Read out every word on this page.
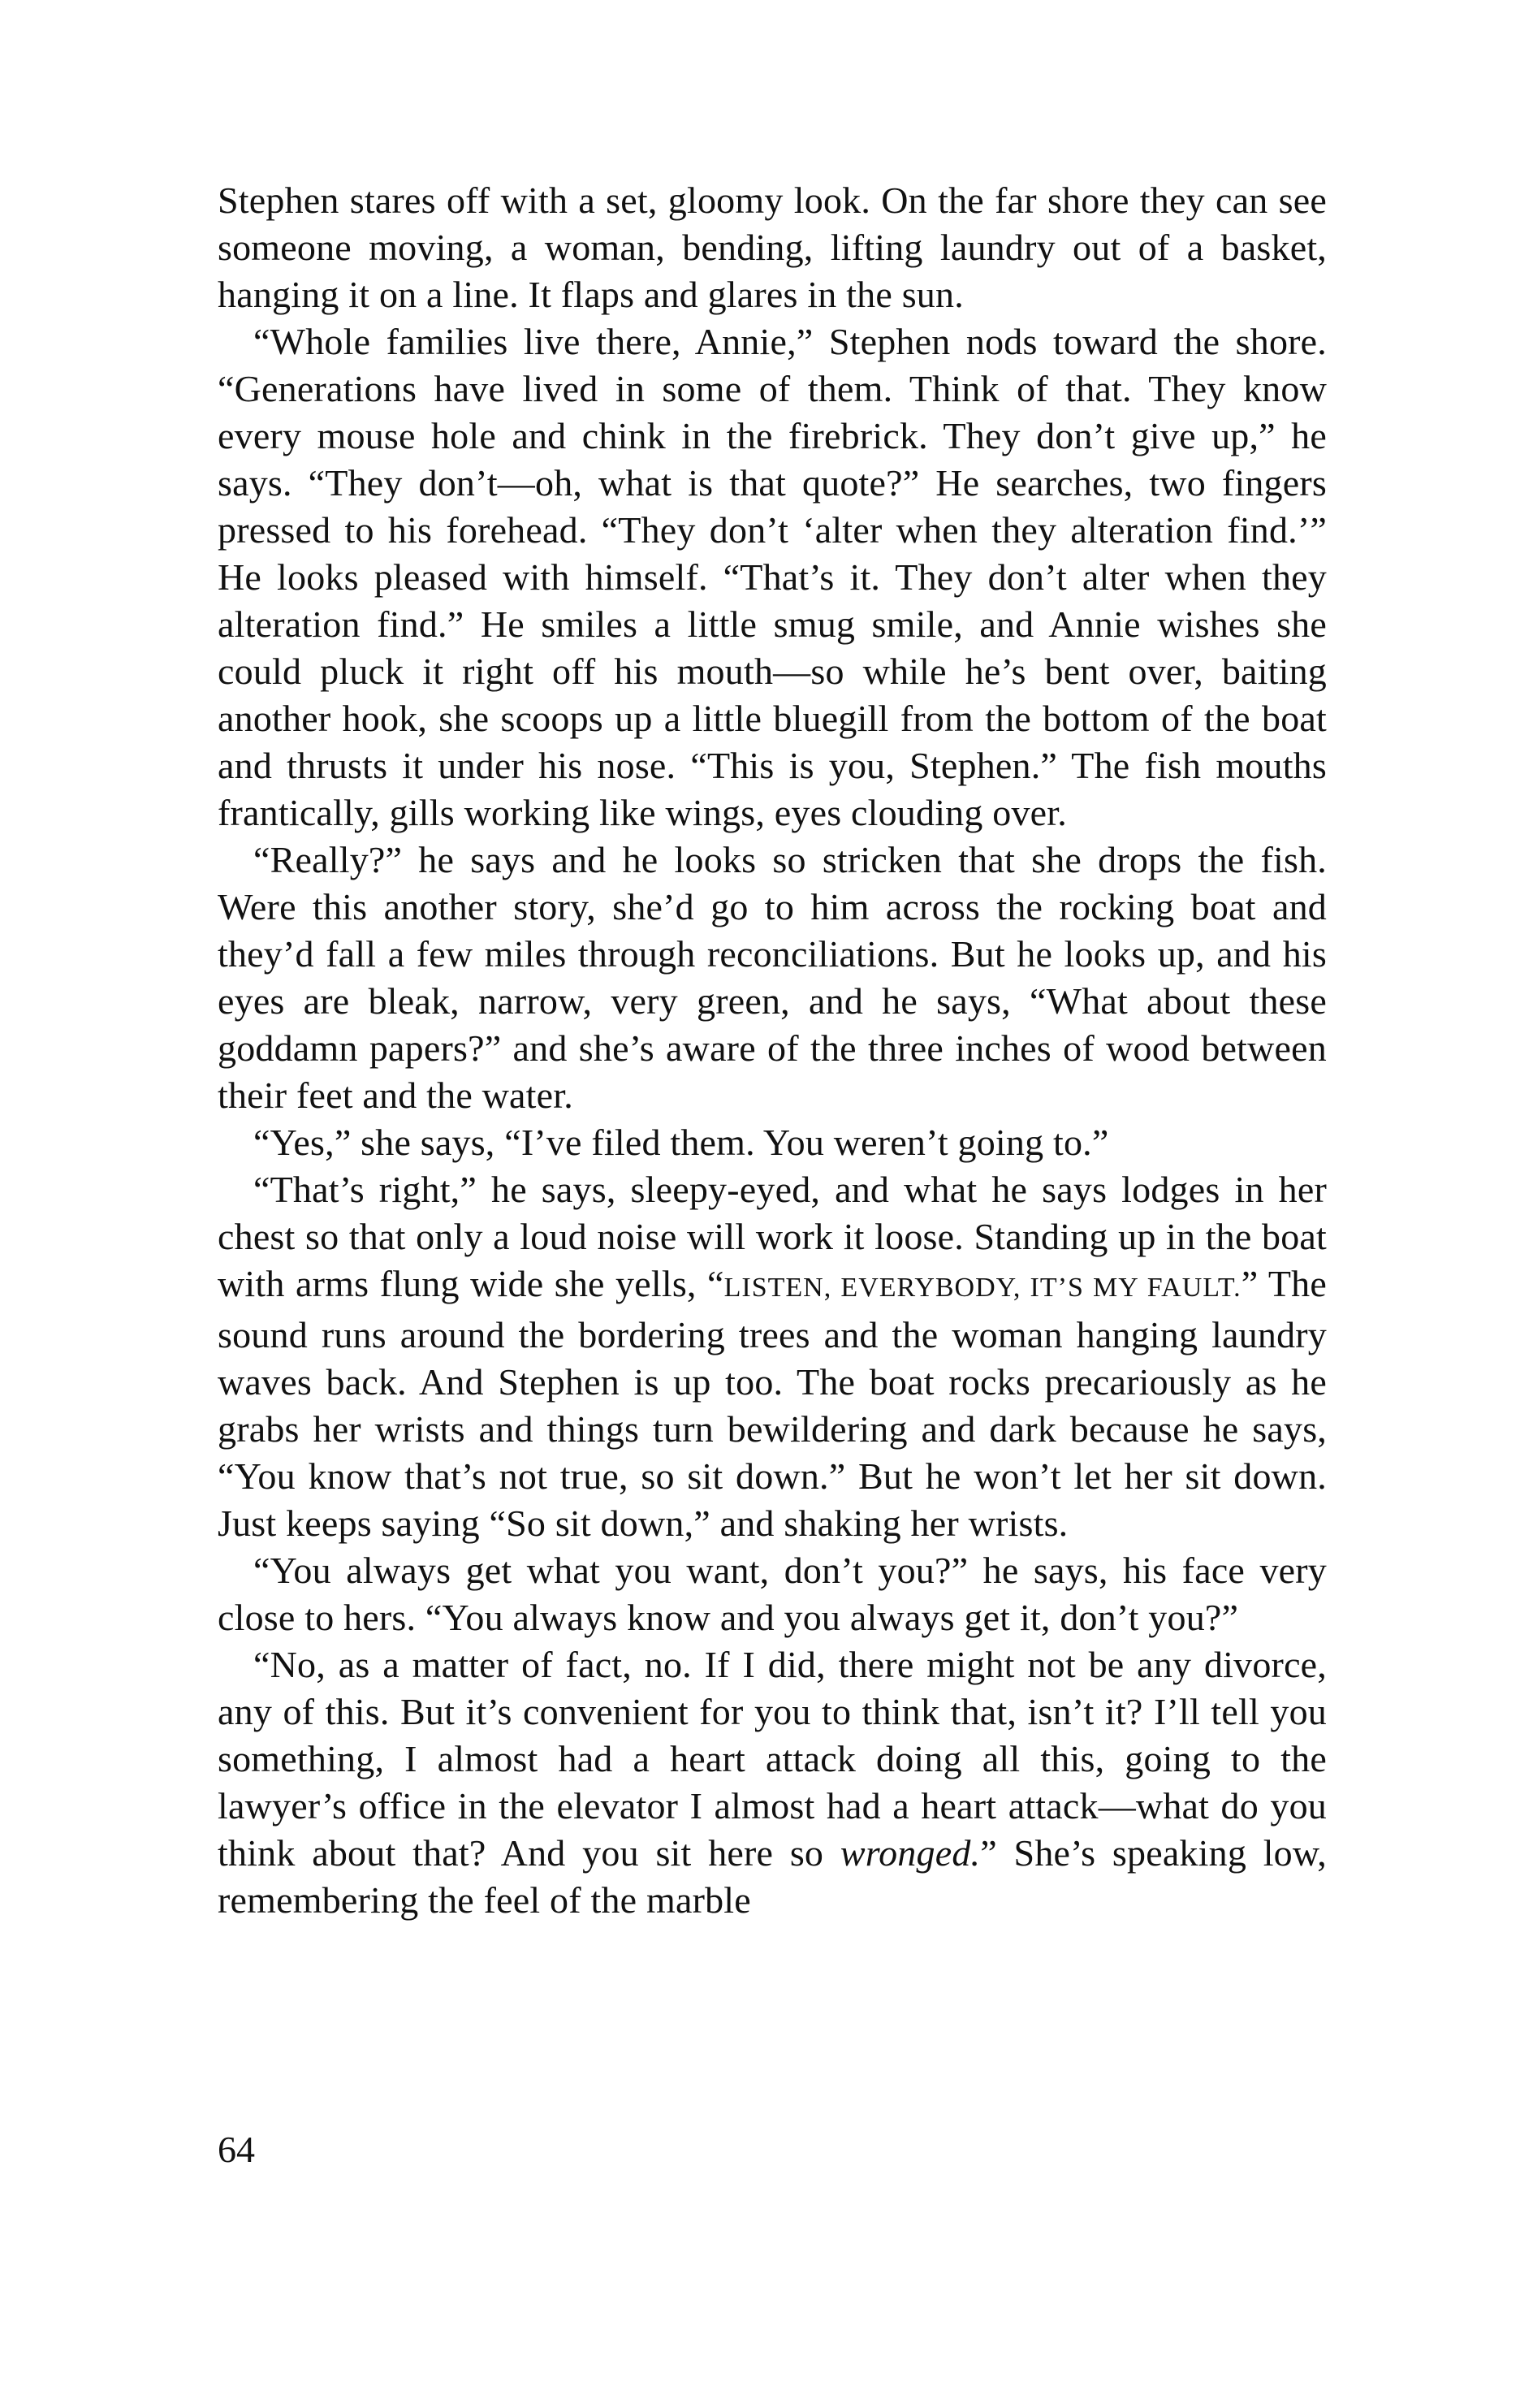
Stephen stares off with a set, gloomy look. On the far shore they can see someone moving, a woman, bending, lifting laundry out of a basket, hanging it on a line. It flaps and glares in the sun.

“Whole families live there, Annie,” Stephen nods toward the shore. “Generations have lived in some of them. Think of that. They know every mouse hole and chink in the firebrick. They don’t give up,” he says. “They don’t—oh, what is that quote?” He searches, two fingers pressed to his forehead. “They don’t ‘alter when they alteration find.’” He looks pleased with himself. “That’s it. They don’t alter when they alteration find.” He smiles a little smug smile, and Annie wishes she could pluck it right off his mouth—so while he’s bent over, baiting another hook, she scoops up a little bluegill from the bottom of the boat and thrusts it under his nose. “This is you, Stephen.” The fish mouths frantically, gills working like wings, eyes clouding over.

“Really?” he says and he looks so stricken that she drops the fish. Were this another story, she’d go to him across the rocking boat and they’d fall a few miles through reconciliations. But he looks up, and his eyes are bleak, narrow, very green, and he says, “What about these goddamn papers?” and she’s aware of the three inches of wood between their feet and the water.

“Yes,” she says, “I’ve filed them. You weren’t going to.”

“That’s right,” he says, sleepy-eyed, and what he says lodges in her chest so that only a loud noise will work it loose. Standing up in the boat with arms flung wide she yells, “LISTEN, EVERYBODY, IT’S MY FAULT.” The sound runs around the bordering trees and the woman hanging laundry waves back. And Stephen is up too. The boat rocks precariously as he grabs her wrists and things turn bewildering and dark because he says, “You know that’s not true, so sit down.” But he won’t let her sit down. Just keeps saying “So sit down,” and shaking her wrists.

“You always get what you want, don’t you?” he says, his face very close to hers. “You always know and you always get it, don’t you?”

“No, as a matter of fact, no. If I did, there might not be any divorce, any of this. But it’s convenient for you to think that, isn’t it? I’ll tell you something, I almost had a heart attack doing all this, going to the lawyer’s office in the elevator I almost had a heart attack—what do you think about that? And you sit here so wronged.” She’s speaking low, remembering the feel of the marble

64
